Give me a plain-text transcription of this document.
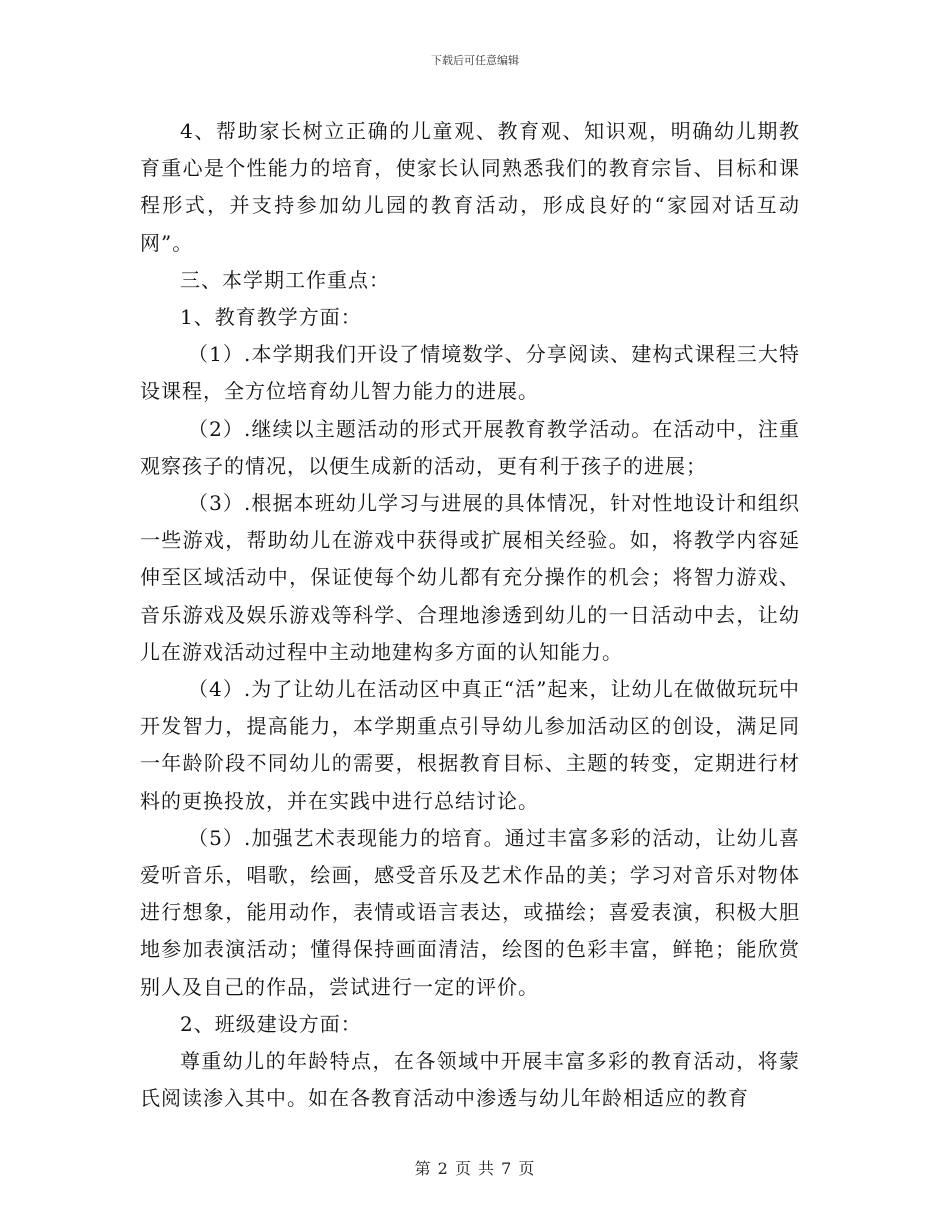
下载后可任意编辑

4、帮助家长树立正确的儿童观、教育观、知识观，明确幼儿期教育重心是个性能力的培育，使家长认同熟悉我们的教育宗旨、目标和课程形式，并支持参加幼儿园的教育活动，形成良好的“家园对话互动网”。

三、本学期工作重点：

1、教育教学方面：

（1）.本学期我们开设了情境数学、分享阅读、建构式课程三大特设课程，全方位培育幼儿智力能力的进展。

（2）.继续以主题活动的形式开展教育教学活动。在活动中，注重观察孩子的情况，以便生成新的活动，更有利于孩子的进展；

（3）.根据本班幼儿学习与进展的具体情况，针对性地设计和组织一些游戏，帮助幼儿在游戏中获得或扩展相关经验。如，将教学内容延伸至区域活动中，保证使每个幼儿都有充分操作的机会；将智力游戏、音乐游戏及娱乐游戏等科学、合理地渗透到幼儿的一日活动中去，让幼儿在游戏活动过程中主动地建构多方面的认知能力。

（4）.为了让幼儿在活动区中真正“活”起来，让幼儿在做做玩玩中开发智力，提高能力，本学期重点引导幼儿参加活动区的创设，满足同一年龄阶段不同幼儿的需要，根据教育目标、主题的转变，定期进行材料的更换投放，并在实践中进行总结讨论。

（5）.加强艺术表现能力的培育。通过丰富多彩的活动，让幼儿喜爱听音乐，唱歌，绘画，感受音乐及艺术作品的美；学习对音乐对物体进行想象，能用动作，表情或语言表达，或描绘；喜爱表演，积极大胆地参加表演活动；懂得保持画面清洁，绘图的色彩丰富，鲜艳；能欣赏别人及自己的作品，尝试进行一定的评价。

2、班级建设方面：

尊重幼儿的年龄特点，在各领域中开展丰富多彩的教育活动，将蒙氏阅读渗入其中。如在各教育活动中渗透与幼儿年龄相适应的教育

第 2 页 共 7 页
